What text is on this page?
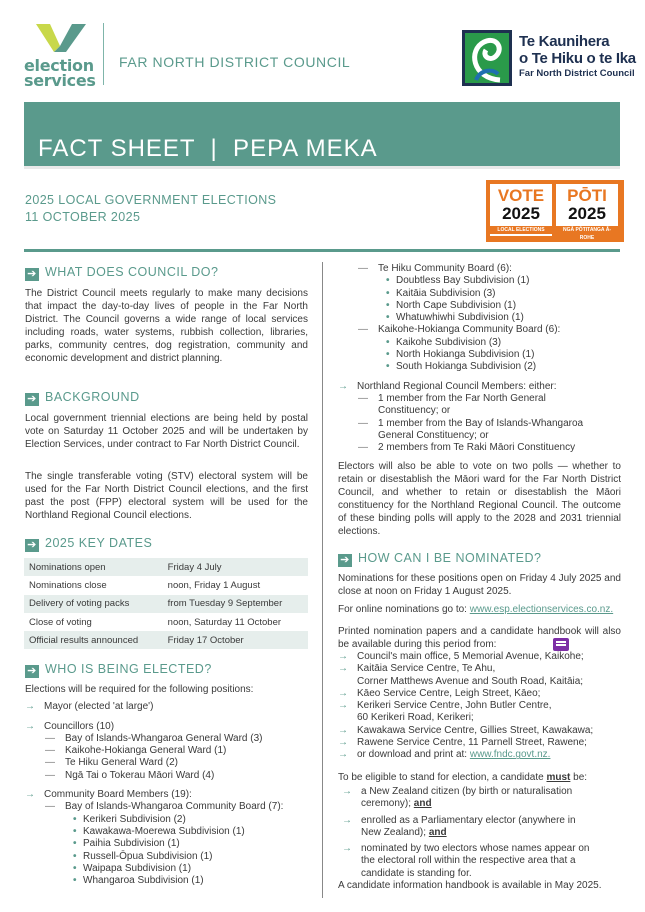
election
services
FAR NORTH DISTRICT COUNCIL
Te Kaunihera
o Te Hiku o te Ika
Far North District Council
FACT SHEET  |  PEPA MEKA
2025 LOCAL GOVERNMENT ELECTIONS
11 OCTOBER 2025
VOTE
2025
LOCAL ELECTIONS
PŌTI
2025
NGĀ PŌTITANGA Ā-ROHE
➔ WHAT DOES COUNCIL DO?
The District Council meets regularly to make many decisions that impact the day-to-day lives of people in the Far North District. The Council governs a wide range of local services including roads, water systems, rubbish collection, libraries, parks, community centres, dog registration, community and economic development and district planning.
➔ BACKGROUND
Local government triennial elections are being held by postal vote on Saturday 11 October 2025 and will be undertaken by Election Services, under contract to Far North District Council.
The single transferable voting (STV) electoral system will be used for the Far North District Council elections, and the first past the post (FPP) electoral system will be used for the Northland Regional Council elections.
➔ 2025 KEY DATES
Nominations open	Friday 4 July
Nominations close	noon, Friday 1 August
Delivery of voting packs	from Tuesday 9 September
Close of voting	noon, Saturday 11 October
Official results announced	Friday 17 October
➔ WHO IS BEING ELECTED?
Elections will be required for the following positions:
→ Mayor (elected 'at large')
→ Councillors (10)
— Bay of Islands-Whangaroa General Ward (3)
— Kaikohe-Hokianga General Ward (1)
— Te Hiku General Ward (2)
— Ngā Tai o Tokerau Māori Ward (4)
→ Community Board Members (19):
— Bay of Islands-Whangaroa Community Board (7):
• Kerikeri Subdivision (2)
• Kawakawa-Moerewa Subdivision (1)
• Paihia Subdivision (1)
• Russell-Ōpua Subdivision (1)
• Waipapa Subdivision (1)
• Whangaroa Subdivision (1)
— Te Hiku Community Board (6):
• Doubtless Bay Subdivision (1)
• Kaitāia Subdivision (3)
• North Cape Subdivision (1)
• Whatuwhiwhi Subdivision (1)
— Kaikohe-Hokianga Community Board (6):
• Kaikohe Subdivision (3)
• North Hokianga Subdivision (1)
• South Hokianga Subdivision (2)
→ Northland Regional Council Members: either:
— 1 member from the Far North General
Constituency; or
— 1 member from the Bay of Islands-Whangaroa
General Constituency; or
— 2 members from Te Raki Māori Constituency
Electors will also be able to vote on two polls — whether to retain or disestablish the Māori ward for the Far North District Council, and whether to retain or disestablish the Māori constituency for the Northland Regional Council. The outcome of these binding polls will apply to the 2028 and 2031 triennial elections.
➔ HOW CAN I BE NOMINATED?
Nominations for these positions open on Friday 4 July 2025 and close at noon on Friday 1 August 2025.
For online nominations go to: www.esp.electionservices.co.nz.
Printed nomination papers and a candidate handbook will also be available during this period from:
→ Council's main office, 5 Memorial Avenue, Kaikohe;
→ Kaitāia Service Centre, Te Ahu,
Corner Matthews Avenue and South Road, Kaitāia;
→ Kāeo Service Centre, Leigh Street, Kāeo;
→ Kerikeri Service Centre, John Butler Centre,
60 Kerikeri Road, Kerikeri;
→ Kawakawa Service Centre, Gillies Street, Kawakawa;
→ Rawene Service Centre, 11 Parnell Street, Rawene;
→ or download and print at: www.fndc.govt.nz.
To be eligible to stand for election, a candidate must be:
→ a New Zealand citizen (by birth or naturalisation
ceremony); and
→ enrolled as a Parliamentary elector (anywhere in
New Zealand); and
→ nominated by two electors whose names appear on
the electoral roll within the respective area that a
candidate is standing for.
A candidate information handbook is available in May 2025.
